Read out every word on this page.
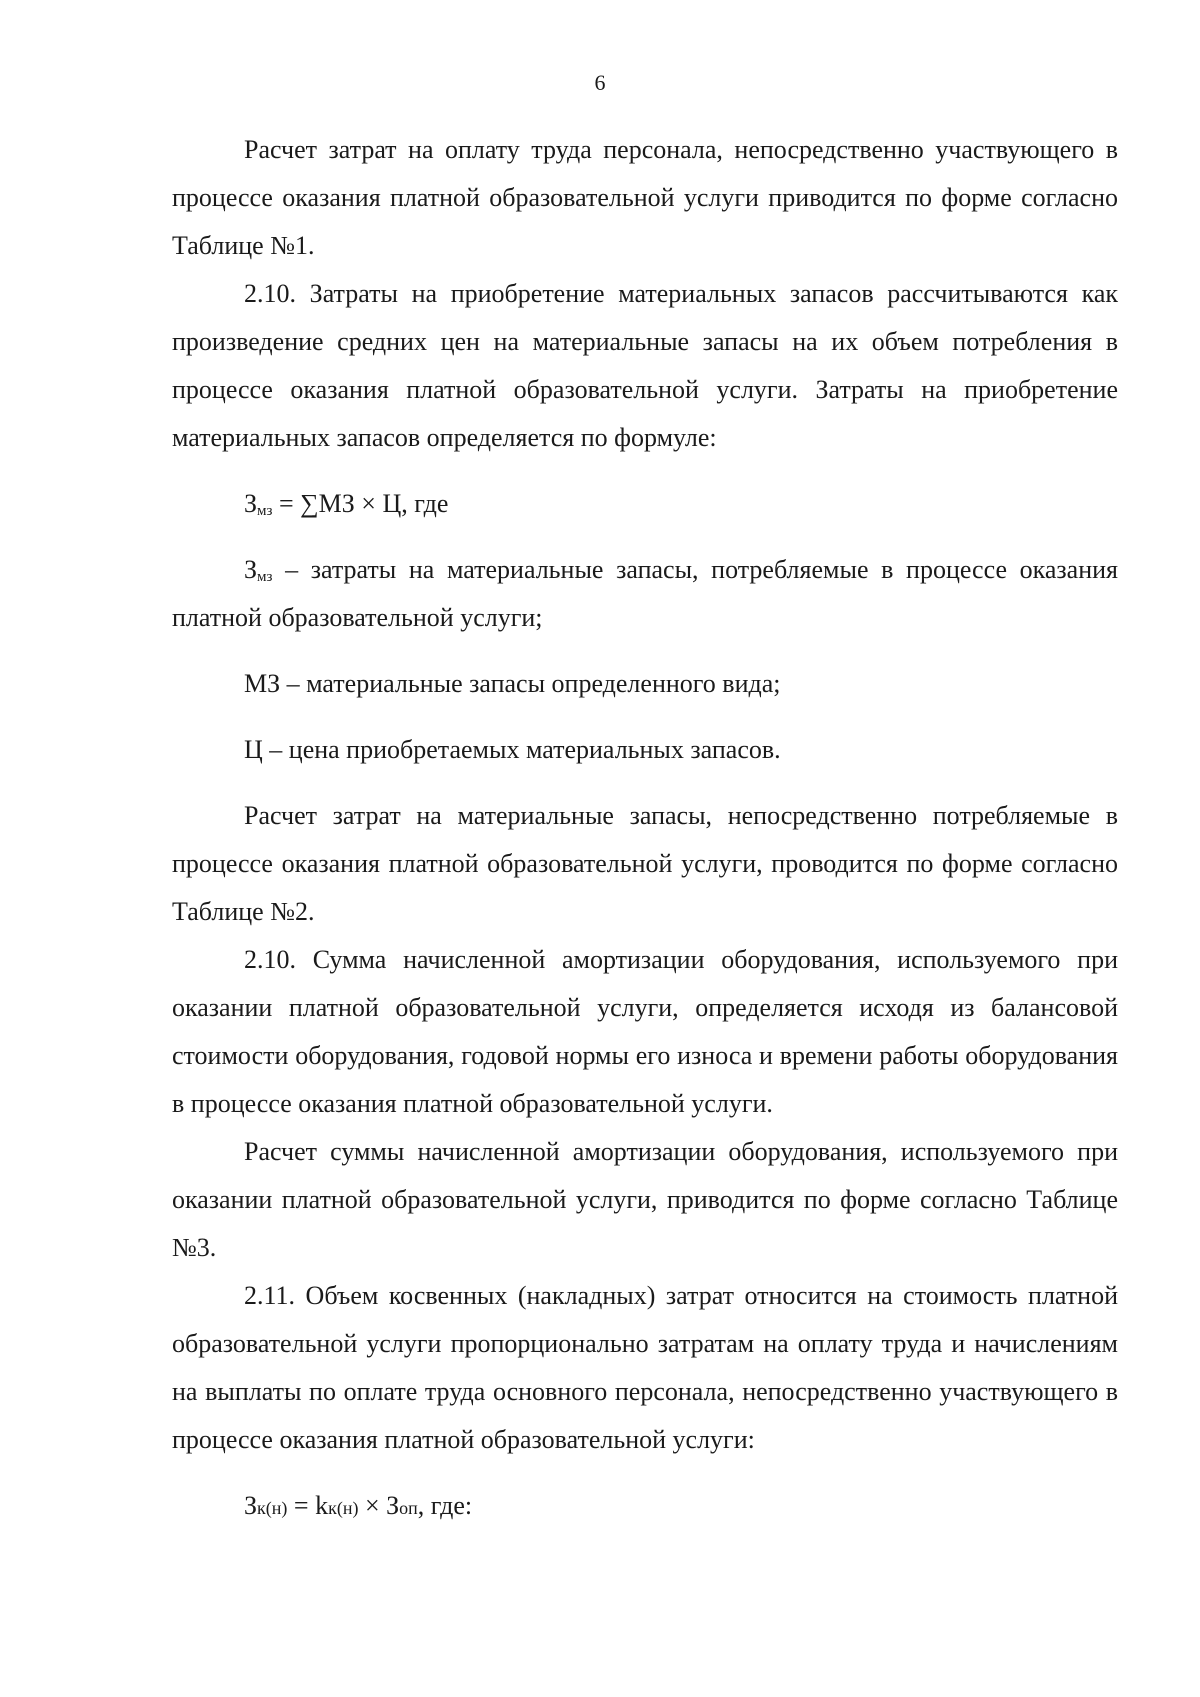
6

Расчет затрат на оплату труда персонала, непосредственно участвующего в процессе оказания платной образовательной услуги приводится по форме согласно Таблице №1.

2.10. Затраты на приобретение материальных запасов рассчитываются как произведение средних цен на материальные запасы на их объем потребления в процессе оказания платной образовательной услуги. Затраты на приобретение материальных запасов определяется по формуле:

$З_{мз} = \sum МЗ \times Ц$, где

$З_{мз}$ – затраты на материальные запасы, потребляемые в процессе оказания платной образовательной услуги;

МЗ – материальные запасы определенного вида;

Ц – цена приобретаемых материальных запасов.

Расчет затрат на материальные запасы, непосредственно потребляемые в процессе оказания платной образовательной услуги, проводится по форме согласно Таблице №2.

2.10. Сумма начисленной амортизации оборудования, используемого при оказании платной образовательной услуги, определяется исходя из балансовой стоимости оборудования, годовой нормы его износа и времени работы оборудования в процессе оказания платной образовательной услуги.

Расчет суммы начисленной амортизации оборудования, используемого при оказании платной образовательной услуги, приводится по форме согласно Таблице №3.

2.11. Объем косвенных (накладных) затрат относится на стоимость платной образовательной услуги пропорционально затратам на оплату труда и начислениям на выплаты по оплате труда основного персонала, непосредственно участвующего в процессе оказания платной образовательной услуги:

Зк(н) = kк(н) × Зоп, где:
